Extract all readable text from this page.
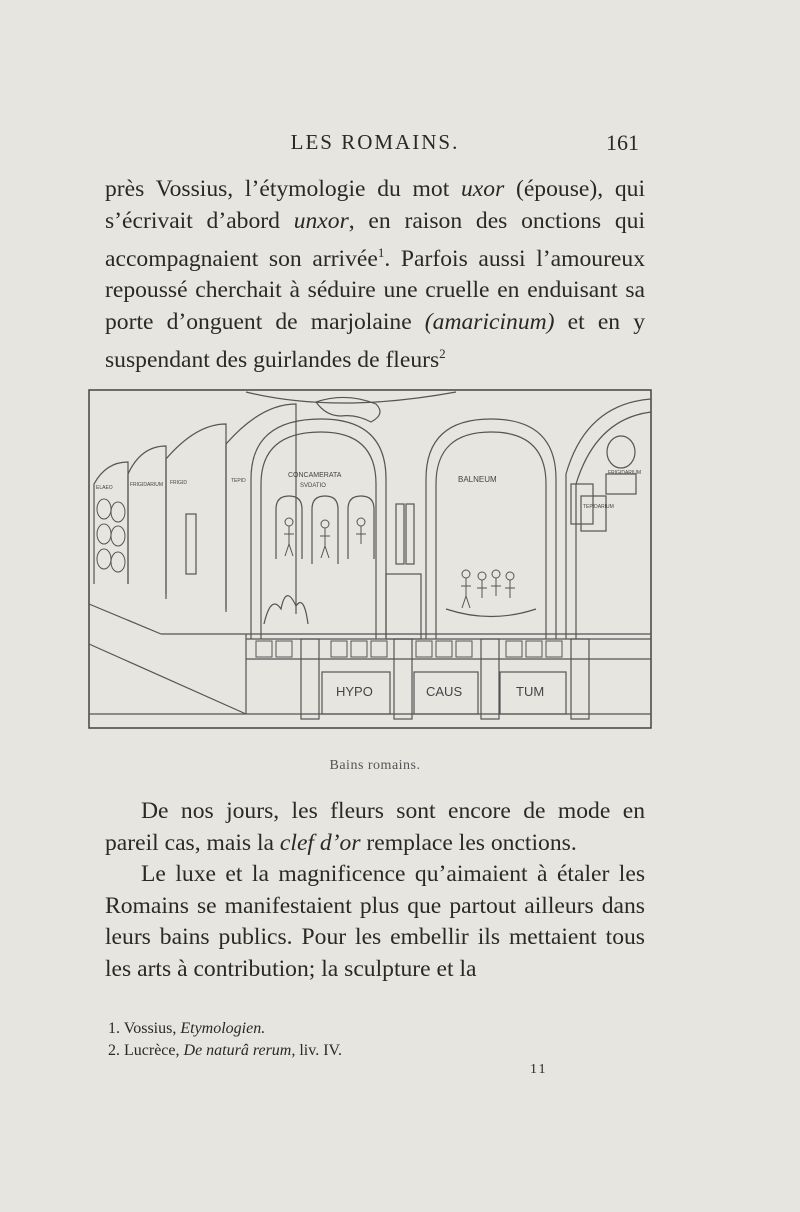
LES ROMAINS.	161

près Vossius, l’étymologie du mot uxor (épouse), qui s’écrivait d’abord unxor, en raison des onctions qui accompagnaient son arrivée$^1$. Parfois aussi l’amoureux repoussé cherchait à séduire une cruelle en enduisant sa porte d’onguent de marjolaine (amaricinum) et en y suspendant des guirlandes de fleurs$^2$

CONCAMERATA
SVDATIO
BALNEUM
FRIGIDARIUM
TEPIDARIUM
ELAEO	FRIGIDARIUM FRIGID	TEPID
HYPO	CAUS	TUM
Bains romains.

De nos jours, les fleurs sont encore de mode en pareil cas, mais la clef d’or remplace les onctions.

Le luxe et la magnificence qu’aimaient à étaler les Romains se manifestaient plus que partout ailleurs dans leurs bains publics. Pour les embellir ils mettaient tous les arts à contribution; la sculpture et la

1. Vossius, Etymologien.
2. Lucrèce, De naturâ rerum, liv. IV.
11
